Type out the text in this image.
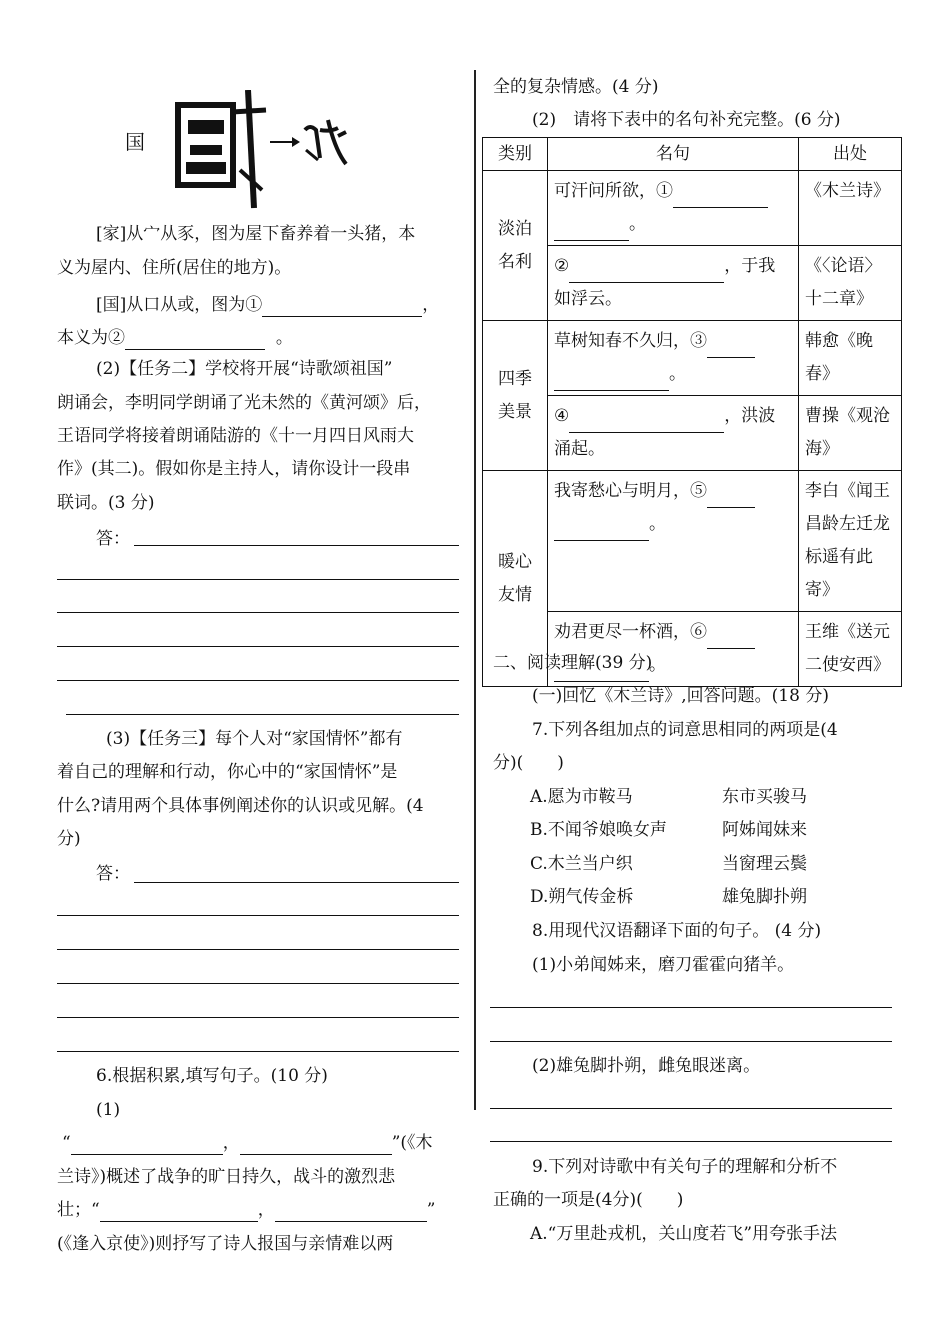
国
[家]从宀从豕，图为屋下畜养着一头猪，本
义为屋内、住所(居住的地方)。
[国]从口从或，图为①	，
本义为②	。
(2)【任务二】学校将开展“诗歌颂祖国”
朗诵会，李明同学朗诵了光未然的《黄河颂》后，
王语同学将接着朗诵陆游的《十一月四日风雨大
作》(其二)。假如你是主持人，请你设计一段串
联词。(3 分)
答：
(3)【任务三】每个人对“家国情怀”都有
着自己的理解和行动，你心中的“家国情怀”是
什么?请用两个具体事例阐述你的认识或见解。(4
分)
答：
6.根据积累,填写句子。(10 分)
(1)
“	，	”(《木
兰诗》)概述了战争的旷日持久，战斗的激烈悲
壮；“	，	”
(《逢入京使》)则抒写了诗人报国与亲情难以两
全的复杂情感。(4 分)
(2)　请将下表中的名句补充完整。(6 分)
类别	名句	出处
淡泊名利	可汗问所欲，①
。	《木兰诗》
	② ，于我如浮云。	《〈论语〉十二章》
四季美景	草树知春不久归，③
。	韩愈《晚春》
	④ ，洪波涌起。	曹操《观沧海》
暖心友情	我寄愁心与明月，⑤
。	李白《闻王昌龄左迁龙标遥有此寄》
	劝君更尽一杯酒，⑥
。	王维《送元二使安西》
二、阅读理解(39 分)
(一)回忆《木兰诗》,回答问题。(18 分)
7.下列各组加点的词意思相同的两项是(4
分)(　　)
A.愿为市鞍马	东市买骏马
B.不闻爷娘唤女声	阿姊闻妹来
C.木兰当户织	当窗理云鬓
D.朔气传金柝	雄兔脚扑朔
8.用现代汉语翻译下面的句子。 (4 分)
(1)小弟闻姊来，磨刀霍霍向猪羊。
(2)雄兔脚扑朔，雌兔眼迷离。
9.下列对诗歌中有关句子的理解和分析不
正确的一项是(4分)(　　)
A.“万里赴戎机，关山度若飞”用夸张手法
